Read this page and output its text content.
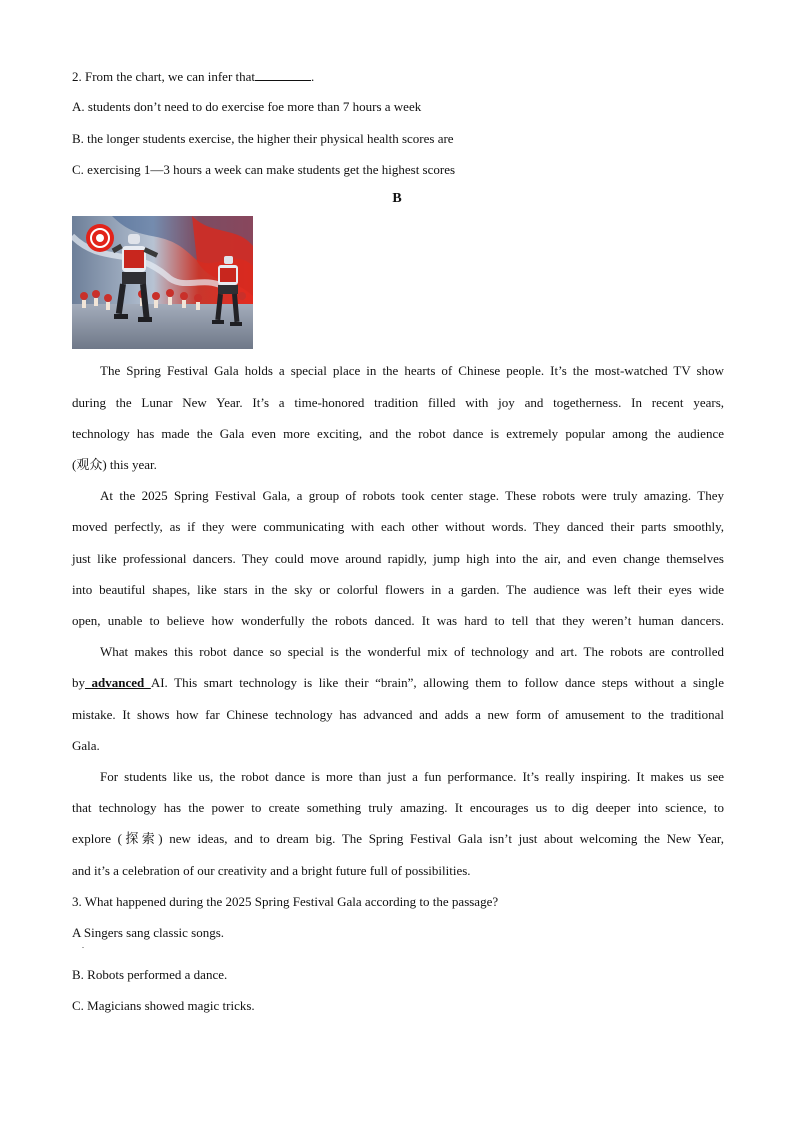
2. From the chart, we can infer that	.
A. students don’t need to do exercise foe more than 7 hours a week
B. the longer students exercise, the higher their physical health scores are
C. exercising 1—3 hours a week can make students get the highest scores
B
The Spring Festival Gala holds a special place in the hearts of Chinese people. It’s the most-watched TV show
during the Lunar New Year. It’s a time-honored tradition filled with joy and togetherness. In recent years,
technology has made the Gala even more exciting, and the robot dance is extremely popular among the audience
(观众) this year.
At the 2025 Spring Festival Gala, a group of robots took center stage. These robots were truly amazing. They
moved perfectly, as if they were communicating with each other without words. They danced their parts smoothly,
just like professional dancers. They could move around rapidly, jump high into the air, and even change themselves
into beautiful shapes, like stars in the sky or colorful flowers in a garden. The audience was left their eyes wide
open, unable to believe how wonderfully the robots danced. It was hard to tell that they weren’t human dancers.
What makes this robot dance so special is the wonderful mix of technology and art. The robots are controlled
by advanced AI. This smart technology is like their “brain”, allowing them to follow dance steps without a single
mistake. It shows how far Chinese technology has advanced and adds a new form of amusement to the traditional
Gala.
For students like us, the robot dance is more than just a fun performance. It’s really inspiring. It makes us see
that technology has the power to create something truly amazing. It encourages us to dig deeper into science, to
explore (探索) new ideas, and to dream big. The Spring Festival Gala isn’t just about welcoming the New Year,
and it’s a celebration of our creativity and a bright future full of possibilities.
3. What happened during the 2025 Spring Festival Gala according to the passage?
A Singers sang classic songs.
.
B. Robots performed a dance.
C. Magicians showed magic tricks.
